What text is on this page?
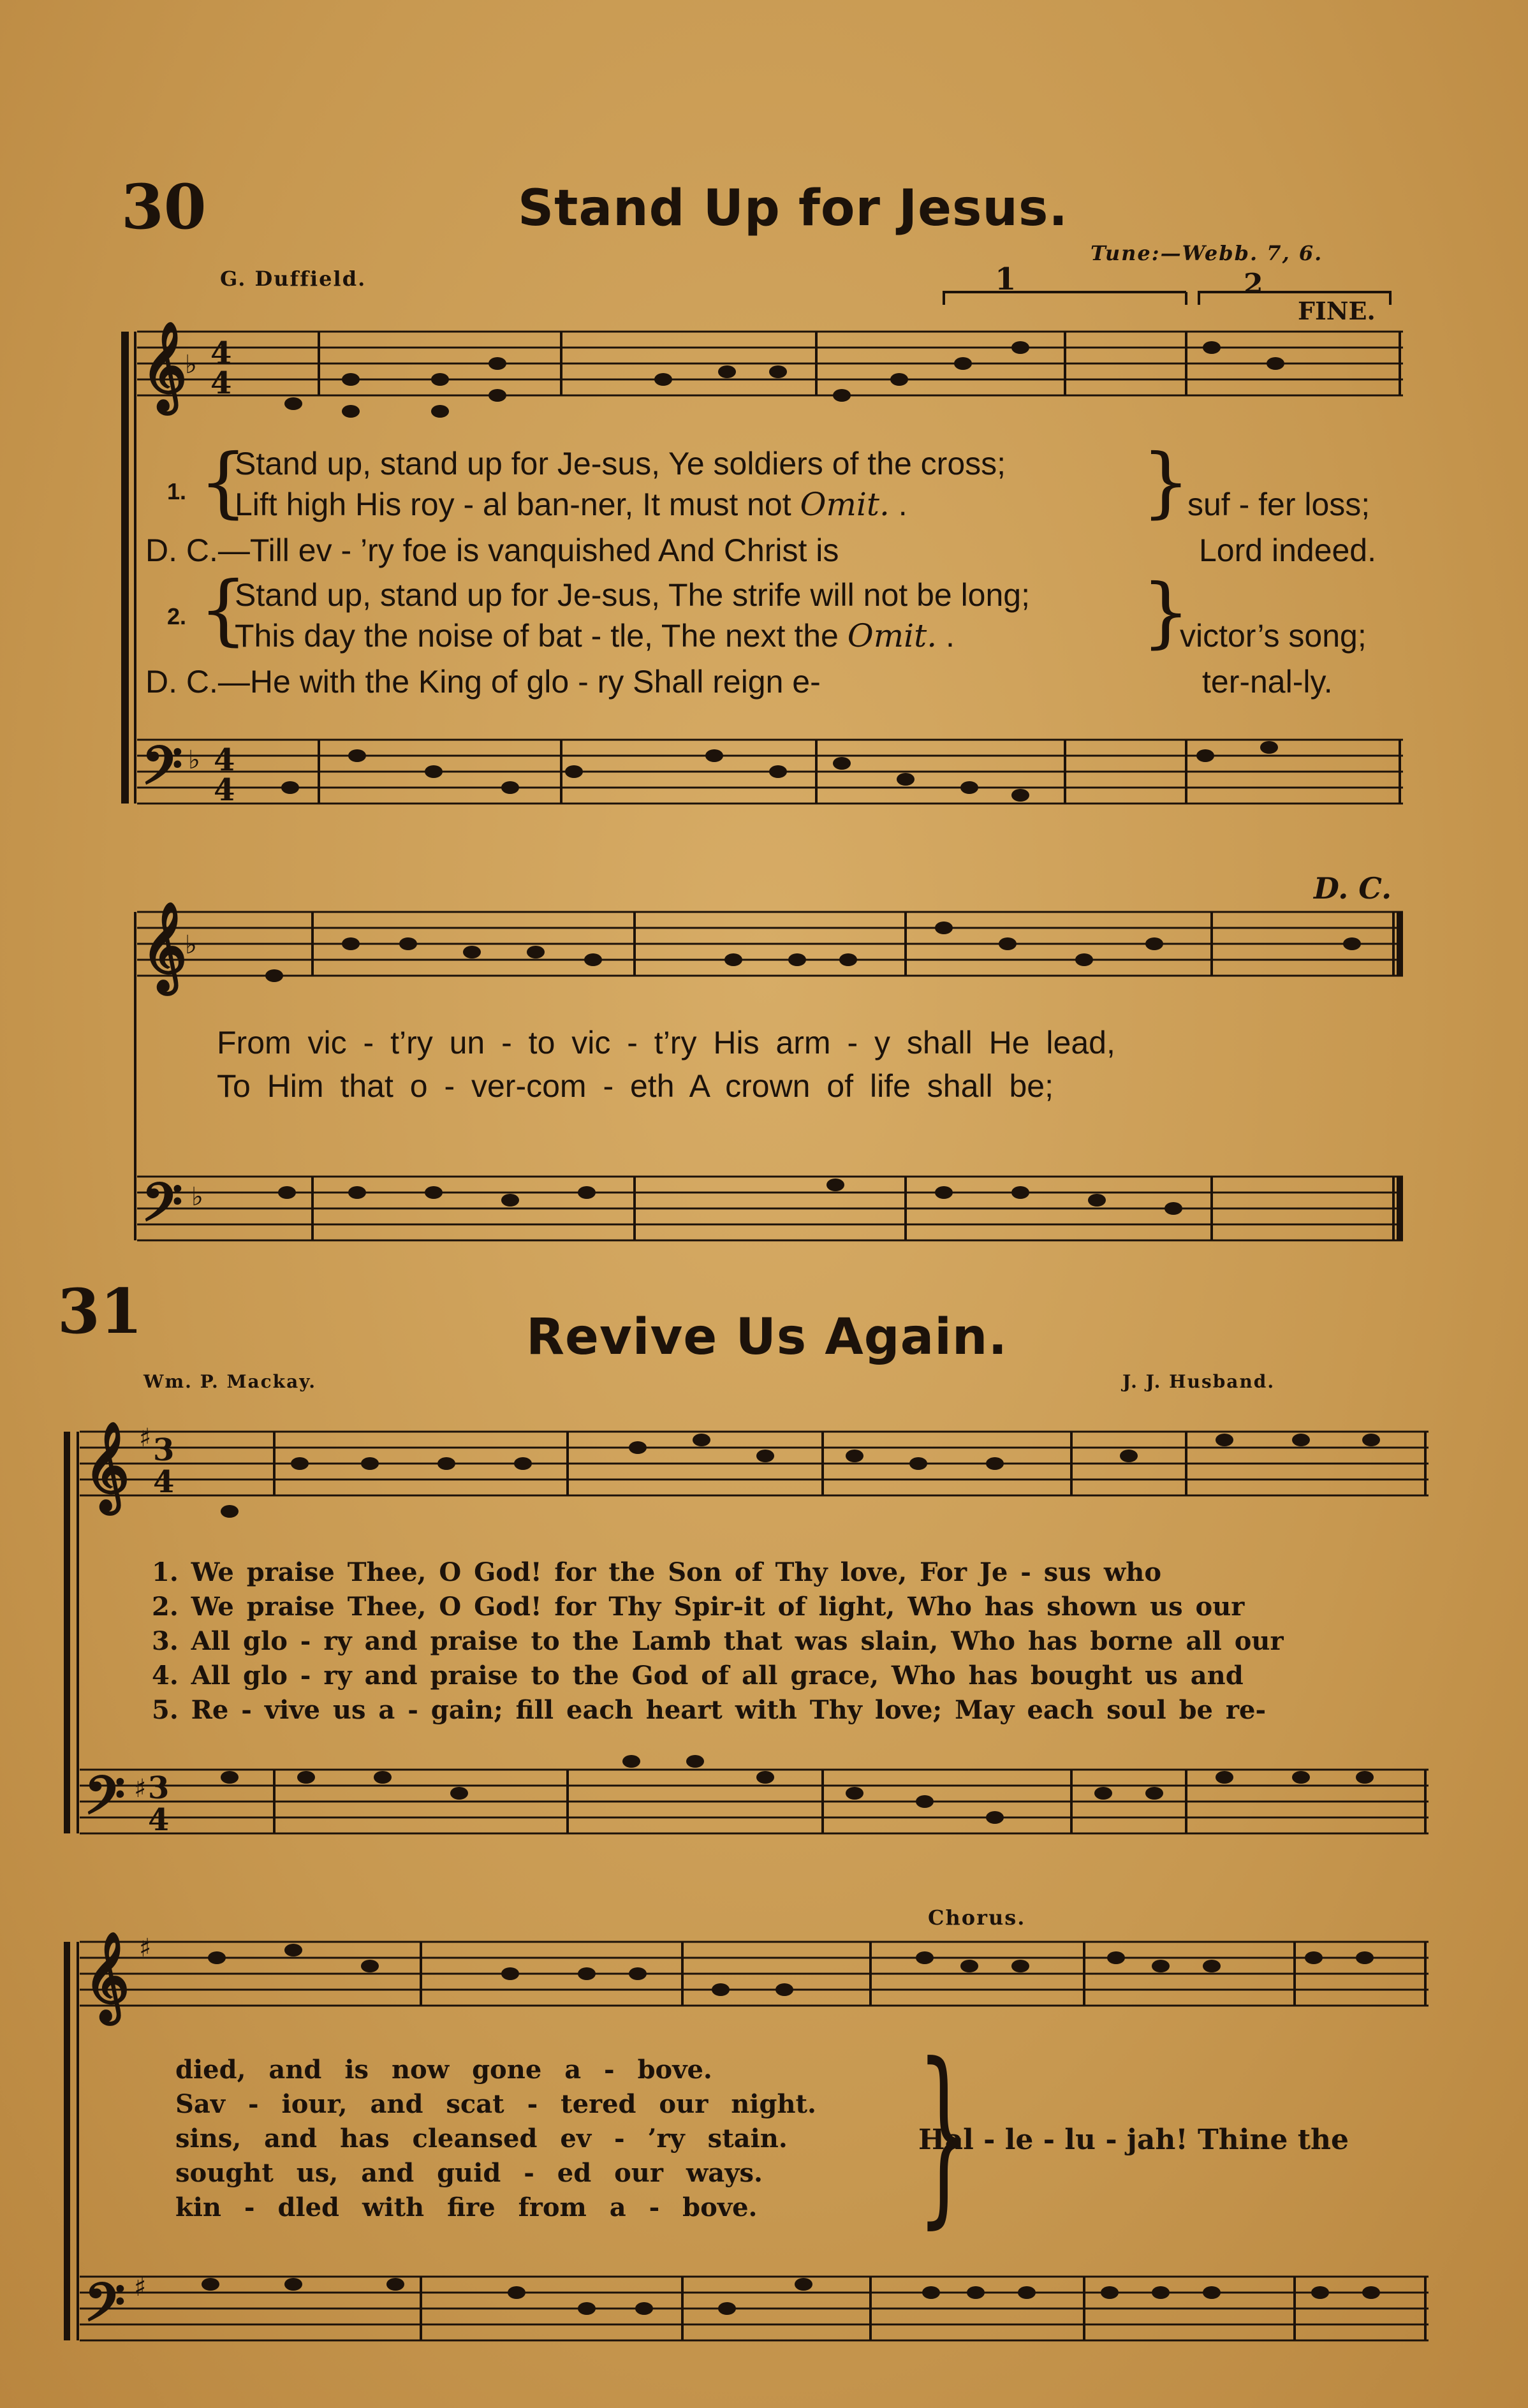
𝄞 4
4
♭
𝄢 ♭ 4
4
𝄞
♭
𝄢 ♭
𝄞 ♯ 3
4
𝄢 ♯ 3
4
𝄞 ♯
𝄢 ♯
30	Stand Up for Jesus.
G. Duffield.
Tune:—Webb. 7, 6.
1	2
FINE.
1. {
Stand up, stand up for Je-sus, Ye soldiers of the cross;
Lift high His roy - al ban-ner, It must not Omit. .	}
suf - fer loss;
D. C.—Till ev - ’ry foe is vanquished And Christ is	Lord indeed.
2. {
Stand up, stand up for Je-sus, The strife will not be long;
This day the noise of bat - tle, The next the Omit. . }
victor’s song;
D. C.—He with the King of glo - ry Shall reign e-	ter-nal-ly.
D. C.
From vic - t’ry un - to vic - t’ry His arm - y shall He lead,
To Him that o - ver-com - eth A crown of life shall be;
31	Revive Us Again.
Wm. P. Mackay.	J. J. Husband.
1. We praise Thee, O God! for the Son of Thy love, For Je - sus who
2. We praise Thee, O God! for Thy Spir-it of light, Who has shown us our
3. All glo - ry and praise to the Lamb that was slain, Who has borne all our
4. All glo - ry and praise to the God of all grace, Who has bought us and
5. Re - vive us a - gain; fill each heart with Thy love; May each soul be re-
Chorus.
died, and is now gone a - bove.
Sav - iour, and scat - tered our night.
sins, and has cleansed ev - ’ry stain.
sought us, and guid - ed our ways.
kin - dled with fire from a - bove. }
Hal - le - lu - jah! Thine the
